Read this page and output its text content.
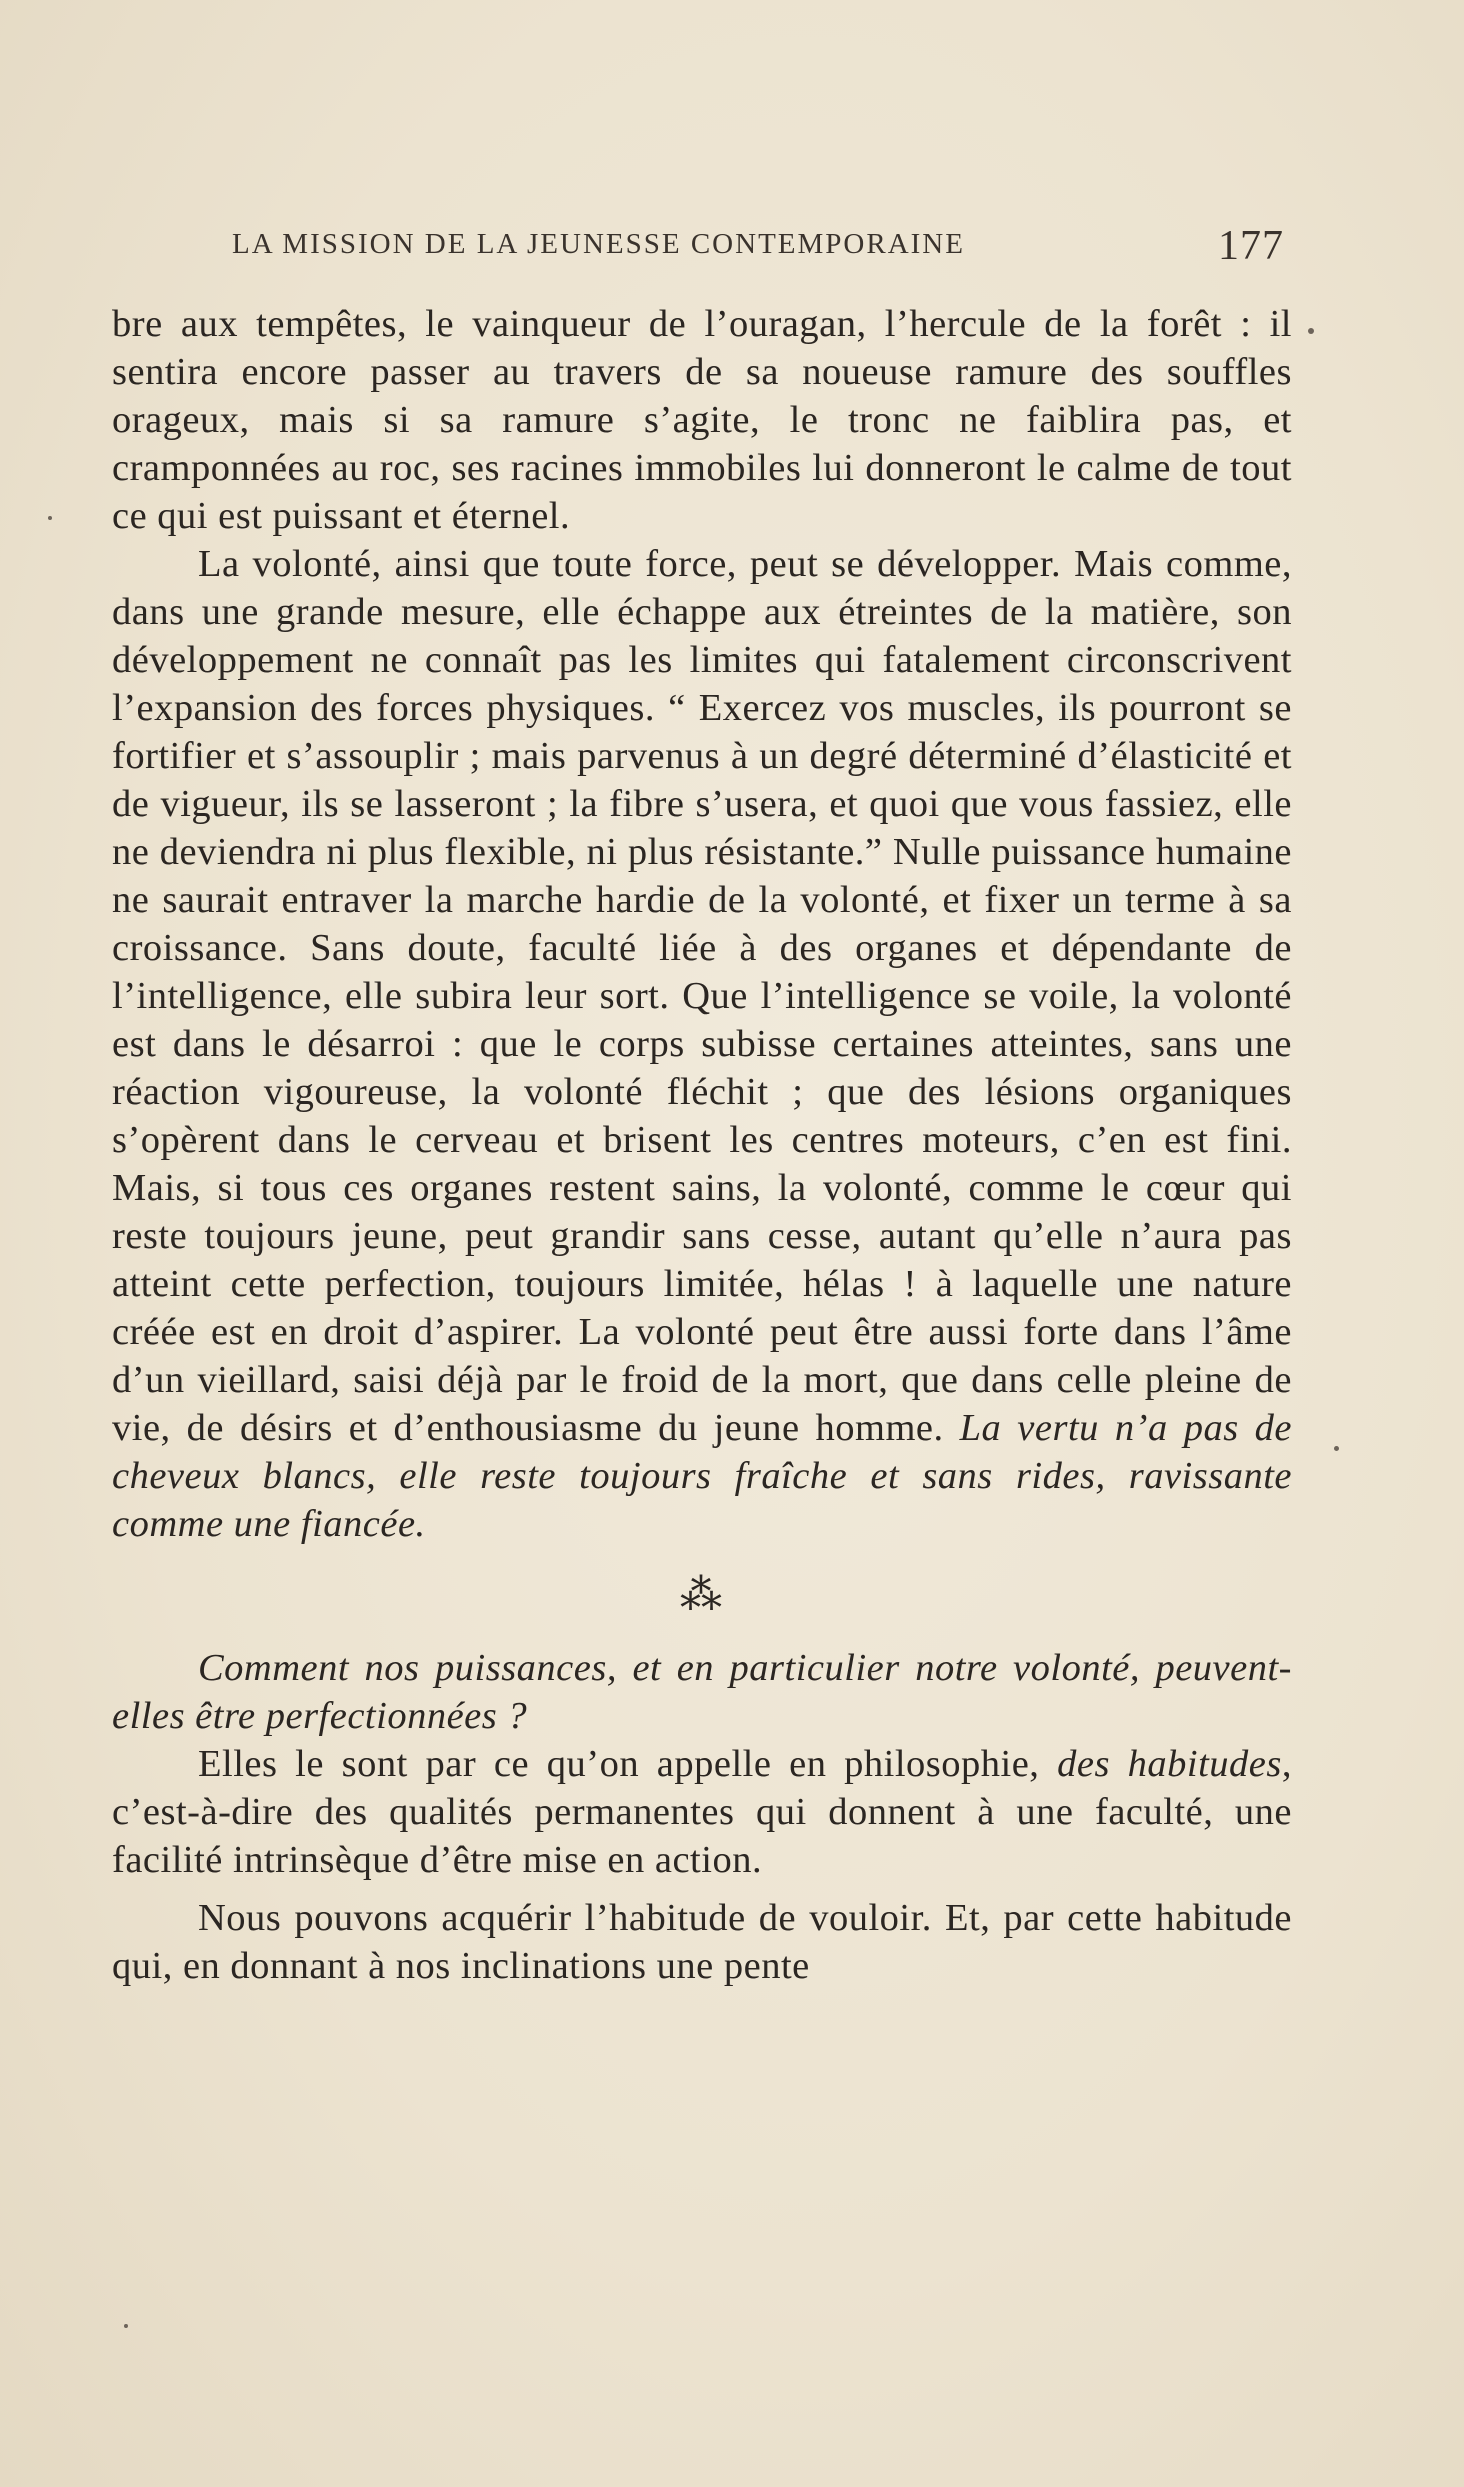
LA MISSION DE LA JEUNESSE CONTEMPORAINE	177

bre aux tempêtes, le vainqueur de l’ouragan, l’hercule de la forêt : il sentira encore passer au travers de sa noueuse ramure des souffles orageux, mais si sa ramure s’agite, le tronc ne faiblira pas, et cramponnées au roc, ses racines immobiles lui donneront le calme de tout ce qui est puissant et éternel.

La volonté, ainsi que toute force, peut se développer. Mais comme, dans une grande mesure, elle échappe aux étreintes de la matière, son développement ne connaît pas les limites qui fatalement circonscrivent l’expansion des forces physiques. “ Exercez vos muscles, ils pourront se fortifier et s’assouplir ; mais parvenus à un degré déterminé d’élasticité et de vigueur, ils se lasseront ; la fibre s’usera, et quoi que vous fassiez, elle ne deviendra ni plus flexible, ni plus résistante.” Nulle puissance humaine ne saurait entraver la marche hardie de la volonté, et fixer un terme à sa croissance. Sans doute, faculté liée à des organes et dépendante de l’intelligence, elle subira leur sort. Que l’intelligence se voile, la volonté est dans le désarroi : que le corps subisse certaines atteintes, sans une réaction vigoureuse, la volonté fléchit ; que des lésions organiques s’opèrent dans le cerveau et brisent les centres moteurs, c’en est fini. Mais, si tous ces organes restent sains, la volonté, comme le cœur qui reste toujours jeune, peut grandir sans cesse, autant qu’elle n’aura pas atteint cette perfection, toujours limitée, hélas ! à laquelle une nature créée est en droit d’aspirer. La volonté peut être aussi forte dans l’âme d’un vieillard, saisi déjà par le froid de la mort, que dans celle pleine de vie, de désirs et d’enthousiasme du jeune homme. La vertu n’a pas de cheveux blancs, elle reste toujours fraîche et sans rides, ravissante comme une fiancée.

⁂

Comment nos puissances, et en particulier notre volonté, peuvent-elles être perfectionnées ?

Elles le sont par ce qu’on appelle en philosophie, des habitudes, c’est-à-dire des qualités permanentes qui donnent à une faculté, une facilité intrinsèque d’être mise en action.

Nous pouvons acquérir l’habitude de vouloir. Et, par cette habitude qui, en donnant à nos inclinations une pente
